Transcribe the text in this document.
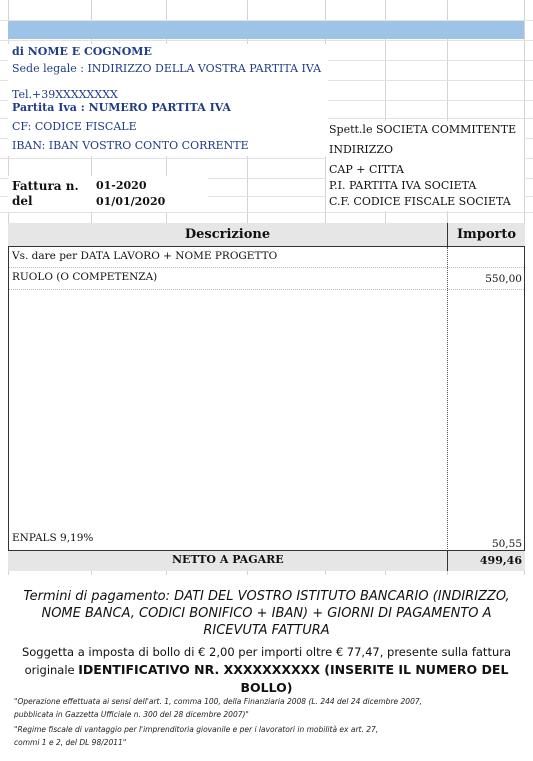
di NOME E COGNOME
Sede legale : INDIRIZZO DELLA VOSTRA PARTITA IVA
Tel.+39XXXXXXXX
Partita Iva : NUMERO PARTITA IVA
CF: CODICE FISCALE
IBAN: IBAN VOSTRO CONTO CORRENTE
Spett.le SOCIETA COMMITENTE
INDIRIZZO
CAP + CITTA
P.I. PARTITA IVA SOCIETA
C.F. CODICE FISCALE SOCIETA
Fattura n. 01-2020
del	01/01/2020
Descrizione	Importo
Vs. dare per DATA LAVORO + NOME PROGETTO
RUOLO (O COMPETENZA)	550,00
ENPALS 9,19%	50,55
NETTO A PAGARE	499,46
Termini di pagamento: DATI DEL VOSTRO ISTITUTO BANCARIO (INDIRIZZO, NOME BANCA, CODICI BONIFICO + IBAN) + GIORNI DI PAGAMENTO A RICEVUTA FATTURA
Soggetta a imposta di bollo di € 2,00 per importi oltre € 77,47, presente sulla fattura originale IDENTIFICATIVO NR. XXXXXXXXXX (INSERITE IL NUMERO DEL BOLLO)
"Operazione effettuata ai sensi dell'art. 1, comma 100, della Finanziaria 2008 (L. 244 del 24 dicembre 2007,
pubblicata in Gazzetta Ufficiale n. 300 del 28 dicembre 2007)"
"Regime fiscale di vantaggio per l'imprenditoria giovanile e per i lavoratori in mobilità ex art. 27,
commi 1 e 2, del DL 98/2011"
